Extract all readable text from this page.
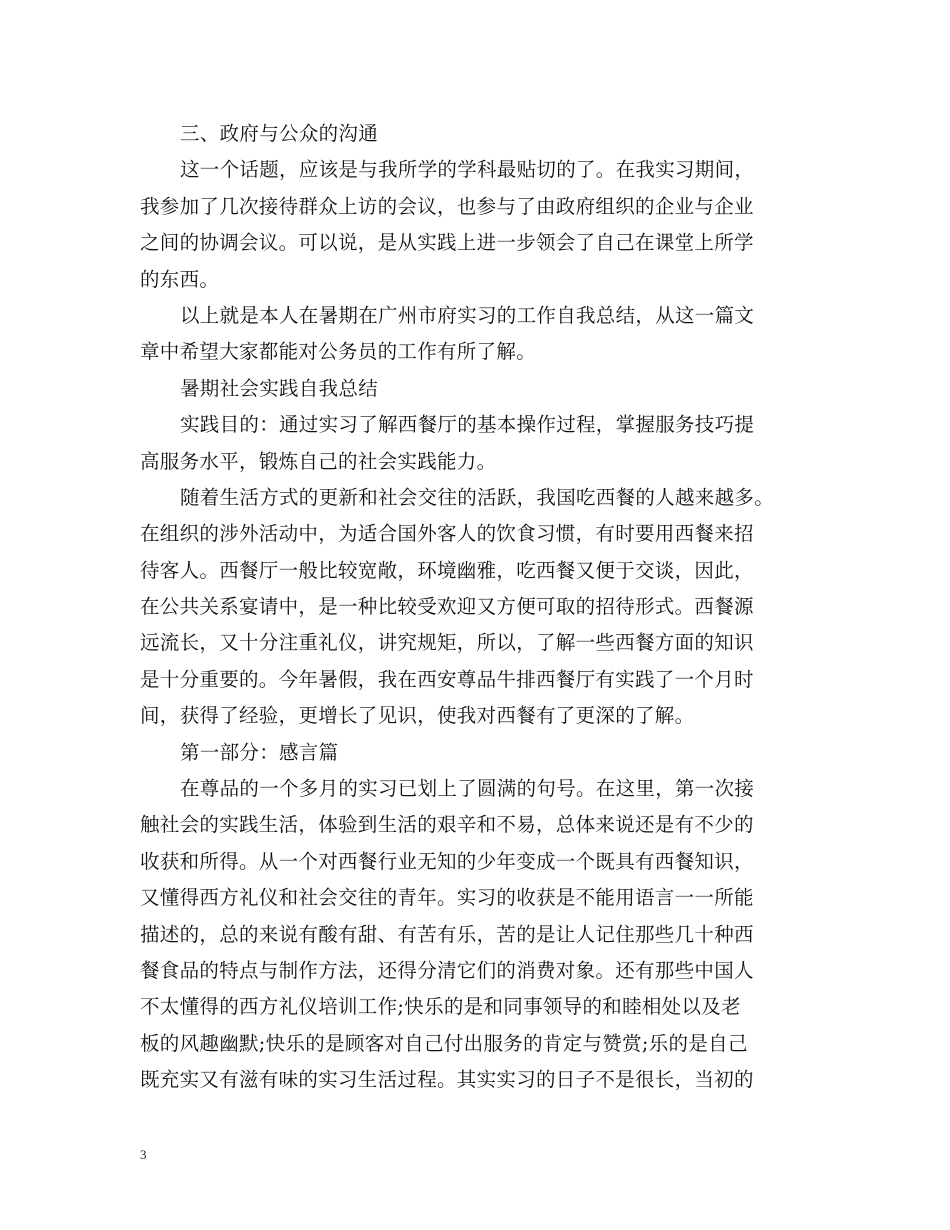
三、政府与公众的沟通
这一个话题，应该是与我所学的学科最贴切的了。在我实习期间，
我参加了几次接待群众上访的会议，也参与了由政府组织的企业与企业
之间的协调会议。可以说，是从实践上进一步领会了自己在课堂上所学
的东西。
以上就是本人在暑期在广州市府实习的工作自我总结，从这一篇文
章中希望大家都能对公务员的工作有所了解。
暑期社会实践自我总结
实践目的：通过实习了解西餐厅的基本操作过程，掌握服务技巧提
高服务水平，锻炼自己的社会实践能力。
随着生活方式的更新和社会交往的活跃，我国吃西餐的人越来越多。
在组织的涉外活动中，为适合国外客人的饮食习惯，有时要用西餐来招
待客人。西餐厅一般比较宽敞，环境幽雅，吃西餐又便于交谈，因此，
在公共关系宴请中，是一种比较受欢迎又方便可取的招待形式。西餐源
远流长，又十分注重礼仪，讲究规矩，所以，了解一些西餐方面的知识
是十分重要的。今年暑假，我在西安尊品牛排西餐厅有实践了一个月时
间，获得了经验，更增长了见识，使我对西餐有了更深的了解。
第一部分：感言篇
在尊品的一个多月的实习已划上了圆满的句号。在这里，第一次接
触社会的实践生活，体验到生活的艰辛和不易，总体来说还是有不少的
收获和所得。从一个对西餐行业无知的少年变成一个既具有西餐知识，
又懂得西方礼仪和社会交往的青年。实习的收获是不能用语言一一所能
描述的，总的来说有酸有甜、有苦有乐，苦的是让人记住那些几十种西
餐食品的特点与制作方法，还得分清它们的消费对象。还有那些中国人
不太懂得的西方礼仪培训工作;快乐的是和同事领导的和睦相处以及老
板的风趣幽默;快乐的是顾客对自己付出服务的肯定与赞赏;乐的是自己
既充实又有滋有味的实习生活过程。其实实习的日子不是很长，当初的
3
